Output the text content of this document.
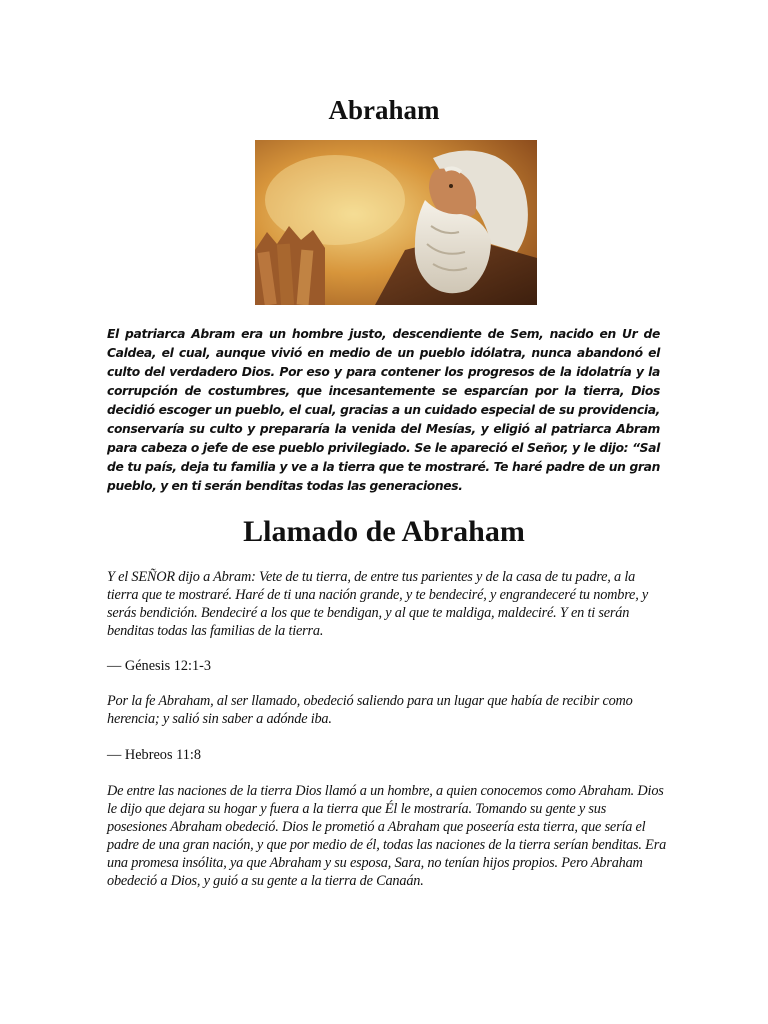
Abraham
El patriarca Abram era un hombre justo, descendiente de Sem, nacido en Ur de Caldea, el cual, aunque vivió en medio de un pueblo idólatra, nunca abandonó el culto del verdadero Dios. Por eso y para contener los progresos de la idolatría y la corrupción de costumbres, que incesantemente se esparcían por la tierra, Dios decidió escoger un pueblo, el cual, gracias a un cuidado especial de su providencia, conservaría su culto y prepararía la venida del Mesías, y eligió al patriarca Abram para cabeza o jefe de ese pueblo privilegiado. Se le apareció el Señor, y le dijo: “Sal de tu país, deja tu familia y ve a la tierra que te mostraré. Te haré padre de un gran pueblo, y en ti serán benditas todas las generaciones.
Llamado de Abraham
Y el SEÑOR dijo a Abram: Vete de tu tierra, de entre tus parientes y de la casa de tu padre, a la tierra que te mostraré. Haré de ti una nación grande, y te bendeciré, y engrandeceré tu nombre, y serás bendición. Bendeciré a los que te bendigan, y al que te maldiga, maldeciré. Y en ti serán benditas todas las familias de la tierra.
— Génesis 12:1-3
Por la fe Abraham, al ser llamado, obedeció saliendo para un lugar que había de recibir como herencia; y salió sin saber a adónde iba.
— Hebreos 11:8
De entre las naciones de la tierra Dios llamó a un hombre, a quien conocemos como Abraham. Dios le dijo que dejara su hogar y fuera a la tierra que Él le mostraría. Tomando su gente y sus posesiones Abraham obedeció. Dios le prometió a Abraham que poseería esta tierra, que sería el padre de una gran nación, y que por medio de él, todas las naciones de la tierra serían benditas. Era una promesa insólita, ya que Abraham y su esposa, Sara, no tenían hijos propios. Pero Abraham obedeció a Dios, y guió a su gente a la tierra de Canaán.
